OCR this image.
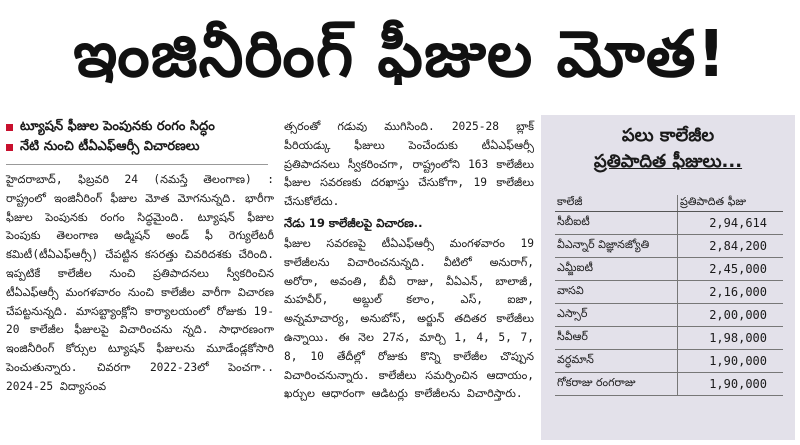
ఇంజినీరింగ్ ఫీజుల మోత!
ట్యూషన్ ఫీజుల పెంపునకు రంగం సిద్ధం
నేటి నుంచి టీఏఎఫ్ఆర్సీ విచారణలు
హైదరాబాద్, ఫిబ్రవరి 24 (నమస్తే తెలంగాణ) : రాష్ట్రంలో ఇంజినీరింగ్ ఫీజుల మోత మోగనున్నది. భారీగా ఫీజుల పెంపునకు రంగం సిద్ధమైంది. ట్యూషన్ ఫీజుల పెంపుకు తెలంగాణ అడ్మిషన్ అండ్ ఫీ రెగ్యులేటరీ కమిటీ(టీఏఎఫ్ఆర్సీ) చేపట్టిన కసరత్తు చివరిదశకు చేరింది. ఇప్పటికే కాలేజీల నుంచి ప్రతిపాదనలు స్వీకరించిన టీఏఎఫ్ఆర్సీ మంగళవారం నుంచి కాలేజీల వారీగా విచారణ చేపట్టనున్నది. మాసబ్ట్యాంక్లోని కార్యాలయంలో రోజుకు 19-20 కాలేజీల ఫీజులపై విచారించను న్నది. సాధారణంగా ఇంజినీరింగ్ కోర్సుల ట్యూషన్ ఫీజులను మూడేండ్లకోసారి పెంచుతున్నారు. చివరగా 2022-23లో పెంచగా.. 2024-25 విద్యాసంవ
త్సరంతో గడువు ముగిసింది. 2025-28 బ్లాక్ పీరియడ్కు ఫీజులు పెంచేందుకు టీఏఎఫ్ఆర్సీ ప్రతిపాదనలు స్వీకరించగా, రాష్ట్రంలోని 163 కాలేజీలు ఫీజుల సవరణకు దరఖాస్తు చేసుకోగా, 19 కాలేజీలు చేసుకోలేదు.
నేడు 19 కాలేజీలపై విచారణ..
ఫీజుల సవరణపై టీఏఎఫ్ఆర్సీ మంగళవారం 19 కాలేజీలను విచారించనున్నది. వీటిలో అనురాగ్, అరోరా, అవంతి, బీవీ రాజు, వీఏఎన్, బాలాజీ, మహవీర్, అబ్దుల్ కలాం, ఎస్, ఐజా, అన్నమాచార్య, అనుబోస్, అర్జున్ తదితర కాలేజీలు ఉన్నాయి. ఈ నెల 27న, మార్చి 1, 4, 5, 7, 8, 10 తేదీల్లో రోజుకు కొన్ని కాలేజీల చొప్పున విచారించనున్నారు. కాలేజీలు సమర్పించిన ఆదాయం, ఖర్చుల ఆధారంగా ఆడిటర్లు కాలేజీలను విచారిస్తారు.
పలు కాలేజీల
ప్రతిపాదిత ఫీజులు...
కాలేజీ	ప్రతిపాదిత ఫీజు
సీబీఐటీ	2,94,614
వీఎన్నార్ విజ్ఞానజ్యోతి	2,84,200
ఎమ్జీఐటీ	2,45,000
వాసవి	2,16,000
ఎస్సార్	2,00,000
సీవీఆర్	1,98,000
వర్ధమాన్	1,90,000
గోకరాజు రంగరాజు	1,90,000
